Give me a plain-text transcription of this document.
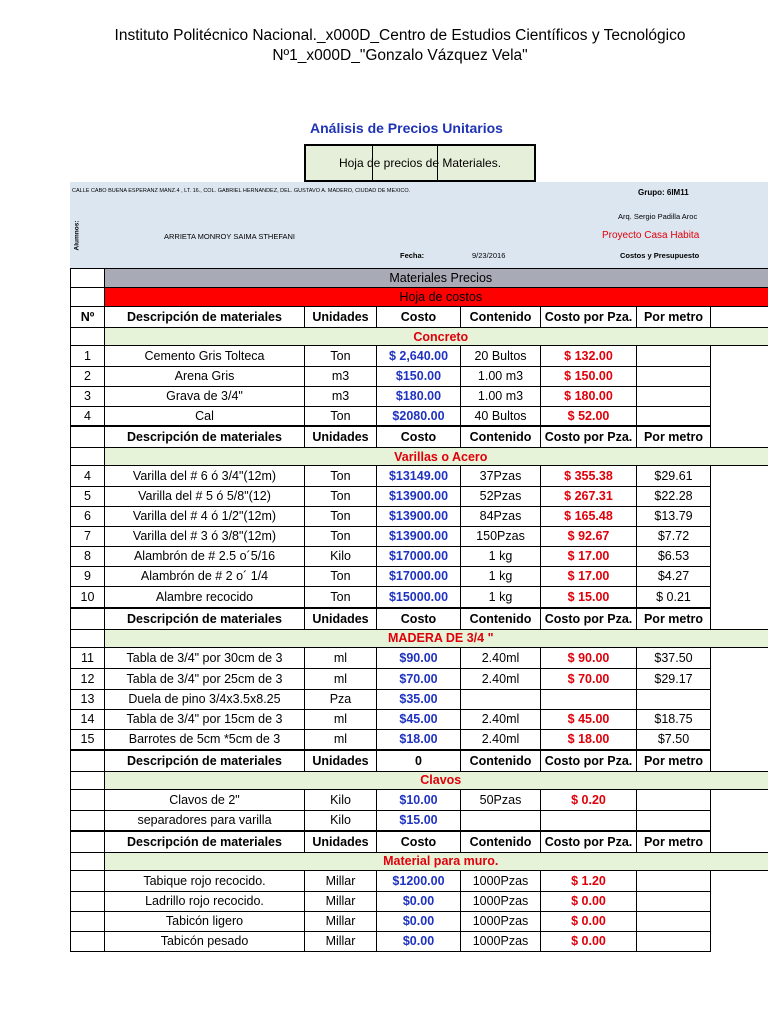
Instituto Politécnico Nacional._x000D_Centro de Estudios Científicos y Tecnológico
Nº1_x000D_"Gonzalo Vázquez Vela"
Análisis de Precios Unitarios
Hoja de precios de Materiales.
CALLE CABO BUENA ESPERANZ MANZ.4 , LT. 16., COL. GABRIEL HERNANDEZ, DEL. GUSTAVO A. MADERO, CIUDAD DE MEXICO.	Grupo: 6IM11
Arq. Sergio Padilla Aroc
Alumnos:	ARRIETA MONROY SAIMA STHEFANI	Proyecto Casa Habita
Fecha:	9/23/2016	Costos y Presupuesto
	Materiales Precios						
	Hoja de costos						
Nº	Descripción de materiales	Unidades	Costo	Contenido	Costo por Pza.	Por metro	
	Concreto						
1	Cemento Gris Tolteca	Ton	$ 2,640.00	20 Bultos	$ 132.00		
2	Arena Gris	m3	$150.00	1.00 m3	$ 150.00		
3	Grava de 3/4"	m3	$180.00	1.00 m3	$ 180.00		
4	Cal	Ton	$2080.00	40 Bultos	$ 52.00		
	Descripción de materiales	Unidades	Costo	Contenido	Costo por Pza.	Por metro	
	Varillas o Acero						
4	Varilla del # 6 ó 3/4"(12m)	Ton	$13149.00	37Pzas	$ 355.38	$29.61	
5	Varilla del # 5 ó 5/8"(12)	Ton	$13900.00	52Pzas	$ 267.31	$22.28	
6	Varilla del # 4 ó 1/2"(12m)	Ton	$13900.00	84Pzas	$ 165.48	$13.79	
7	Varilla del # 3 ó 3/8"(12m)	Ton	$13900.00	150Pzas	$ 92.67	$7.72	
8	Alambrón de # 2.5 o´5/16	Kilo	$17000.00	1 kg	$ 17.00	$6.53	
9	Alambrón de # 2 o´ 1/4	Ton	$17000.00	1 kg	$ 17.00	$4.27	
10	Alambre recocido	Ton	$15000.00	1 kg	$ 15.00	$ 0.21	
	Descripción de materiales	Unidades	Costo	Contenido	Costo por Pza.	Por metro	
	MADERA DE 3/4 "						
11	Tabla de 3/4" por 30cm de 3	ml	$90.00	2.40ml	$ 90.00	$37.50	
12	Tabla de 3/4" por 25cm de 3	ml	$70.00	2.40ml	$ 70.00	$29.17	
13	Duela de pino 3/4x3.5x8.25	Pza	$35.00				
14	Tabla de 3/4" por 15cm de 3	ml	$45.00	2.40ml	$ 45.00	$18.75	
15	Barrotes de 5cm *5cm de 3	ml	$18.00	2.40ml	$ 18.00	$7.50	
	Descripción de materiales	Unidades	0	Contenido	Costo por Pza.	Por metro	
	Clavos						
	Clavos de 2"	Kilo	$10.00	50Pzas	$ 0.20		
	separadores para varilla	Kilo	$15.00				
	Descripción de materiales	Unidades	Costo	Contenido	Costo por Pza.	Por metro	
	Material para muro.						
	Tabique rojo recocido.	Millar	$1200.00	1000Pzas	$ 1.20		
	Ladrillo rojo recocido.	Millar	$0.00	1000Pzas	$ 0.00		
	Tabicón ligero	Millar	$0.00	1000Pzas	$ 0.00		
	Tabicón pesado	Millar	$0.00	1000Pzas	$ 0.00		
